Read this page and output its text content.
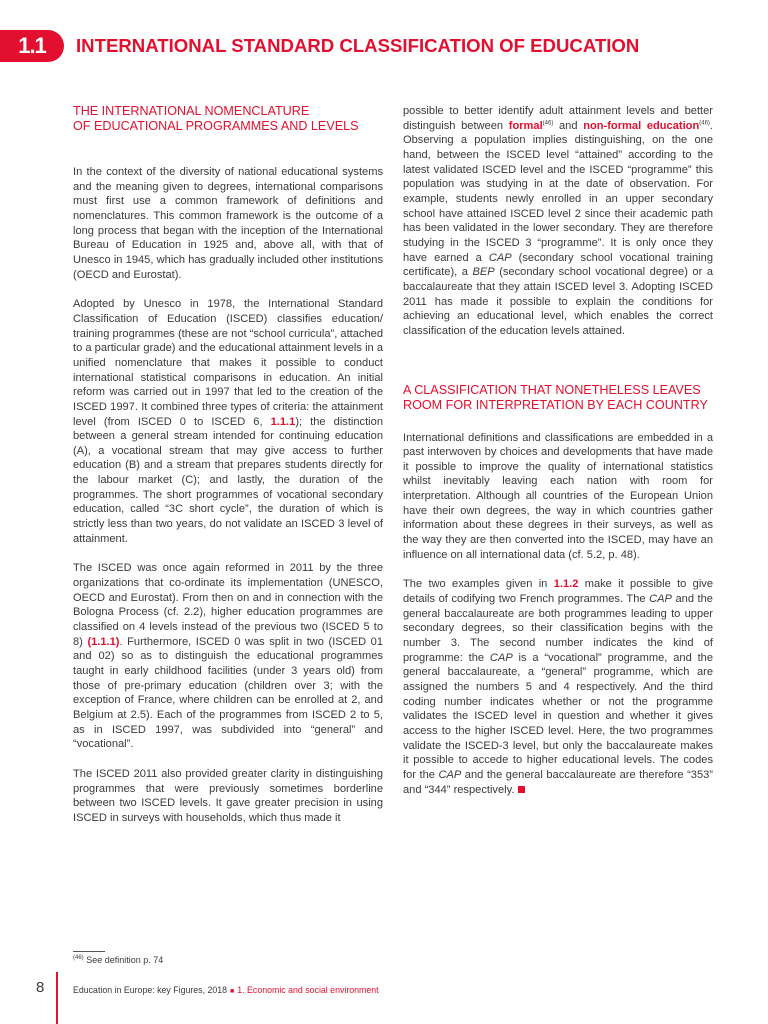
1.1	INTERNATIONAL STANDARD CLASSIFICATION OF EDUCATION
THE INTERNATIONAL NOMENCLATURE
OF EDUCATIONAL PROGRAMMES AND LEVELS

In the context of the diversity of national educational systems and the meaning given to degrees, international comparisons must first use a common framework of definitions and nomenclatures. This common framework is the outcome of a long process that began with the inception of the International Bureau of Education in 1925 and, above all, with that of Unesco in 1945, which has gradually included other institutions (OECD and Eurostat).

Adopted by Unesco in 1978, the International Standard Classification of Education (ISCED) classifies education/ training programmes (these are not “school curricula”, attached to a particular grade) and the educational attainment levels in a unified nomenclature that makes it possible to conduct international statistical comparisons in education. An initial reform was carried out in 1997 that led to the creation of the ISCED 1997. It combined three types of criteria: the attainment level (from ISCED 0 to ISCED 6, 1.1.1); the distinction between a general stream intended for continuing education (A), a vocational stream that may give access to further education (B) and a stream that prepares students directly for the labour market (C); and lastly, the duration of the programmes. The short programmes of vocational secondary education, called “3C short cycle”, the duration of which is strictly less than two years, do not validate an ISCED 3 level of attainment.

The ISCED was once again reformed in 2011 by the three organizations that co-ordinate its implementation (UNESCO, OECD and Eurostat). From then on and in connection with the Bologna Process (cf. 2.2), higher education programmes are classified on 4 levels instead of the previous two (ISCED 5 to 8) (1.1.1). Furthermore, ISCED 0 was split in two (ISCED 01 and 02) so as to distinguish the educational programmes taught in early childhood facilities (under 3 years old) from those of pre-primary education (children over 3; with the exception of France, where children can be enrolled at 2, and Belgium at 2.5). Each of the programmes from ISCED 2 to 5, as in ISCED 1997, was subdivided into “general” and “vocational”.

The ISCED 2011 also provided greater clarity in distinguishing programmes that were previously sometimes borderline between two ISCED levels. It gave greater precision in using ISCED in surveys with households, which thus made it

possible to better identify adult attainment levels and better distinguish between formal$^{(46)}$ and non-formal education$^{(46)}$. Observing a population implies distinguishing, on the one hand, between the ISCED level “attained” according to the latest validated ISCED level and the ISCED “programme” this population was studying in at the date of observation. For example, students newly enrolled in an upper secondary school have attained ISCED level 2 since their academic path has been validated in the lower secondary. They are therefore studying in the ISCED 3 “programme”. It is only once they have earned a CAP (secondary school vocational training certificate), a BEP (secondary school vocational degree) or a baccalaureate that they attain ISCED level 3. Adopting ISCED 2011 has made it possible to explain the conditions for achieving an educational level, which enables the correct classification of the education levels attained.

A CLASSIFICATION THAT NONETHELESS LEAVES
ROOM FOR INTERPRETATION BY EACH COUNTRY

International definitions and classifications are embedded in a past interwoven by choices and developments that have made it possible to improve the quality of international statistics whilst inevitably leaving each nation with room for interpretation. Although all countries of the European Union have their own degrees, the way in which countries gather information about these degrees in their surveys, as well as the way they are then converted into the ISCED, may have an influence on all international data (cf. 5.2, p. 48).

The two examples given in 1.1.2 make it possible to give details of codifying two French programmes. The CAP and the general baccalaureate are both programmes leading to upper secondary degrees, so their classification begins with the number 3. The second number indicates the kind of programme: the CAP is a “vocational” programme, and the general baccalaureate, a “general” programme, which are assigned the numbers 5 and 4 respectively. And the third coding number indicates whether or not the programme validates the ISCED level in question and whether it gives access to the higher ISCED level. Here, the two programmes validate the ISCED-3 level, but only the baccalaureate makes it possible to accede to higher educational levels. The codes for the CAP and the general baccalaureate are therefore “353” and “344” respectively.

$^{(46)}$ See definition p. 74
8	Education in Europe: key Figures, 2018 ■ 1. Economic and social environment
